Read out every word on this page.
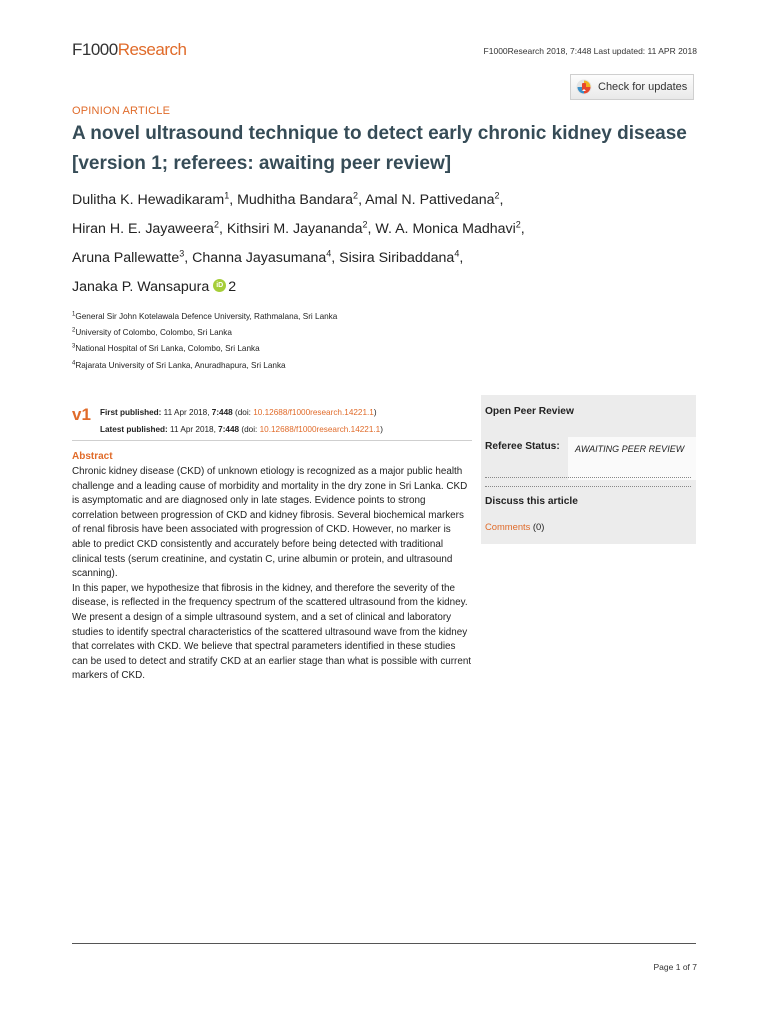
F1000Research	F1000Research 2018, 7:448 Last updated: 11 APR 2018
Check for updates
OPINION ARTICLE
A novel ultrasound technique to detect early chronic kidney disease [version 1; referees: awaiting peer review]
Dulitha K. Hewadikaram$^1$, Mudhitha Bandara$^2$, Amal N. Pattivedana$^2$,
Hiran H. E. Jayaweera$^2$, Kithsiri M. Jayananda$^2$, W. A. Monica Madhavi$^2$,
Aruna Pallewatte$^3$, Channa Jayasumana$^4$, Sisira Siribaddana$^4$,
Janaka P. Wansapura iD 2
$^1$General Sir John Kotelawala Defence University, Rathmalana, Sri Lanka
$^2$University of Colombo, Colombo, Sri Lanka
$^3$National Hospital of Sri Lanka, Colombo, Sri Lanka
$^4$Rajarata University of Sri Lanka, Anuradhapura, Sri Lanka
v1 First published: 11 Apr 2018, 7:448 (doi: 10.12688/f1000research.14221.1)
Latest published: 11 Apr 2018, 7:448 (doi: 10.12688/f1000research.14221.1)
Abstract

Chronic kidney disease (CKD) of unknown etiology is recognized as a major public health challenge and a leading cause of morbidity and mortality in the dry zone in Sri Lanka. CKD is asymptomatic and are diagnosed only in late stages. Evidence points to strong correlation between progression of CKD and kidney fibrosis. Several biochemical markers of renal fibrosis have been associated with progression of CKD. However, no marker is able to predict CKD consistently and accurately before being detected with traditional clinical tests (serum creatinine, and cystatin C, urine albumin or protein, and ultrasound scanning).

In this paper, we hypothesize that fibrosis in the kidney, and therefore the severity of the disease, is reflected in the frequency spectrum of the scattered ultrasound from the kidney. We present a design of a simple ultrasound system, and a set of clinical and laboratory studies to identify spectral characteristics of the scattered ultrasound wave from the kidney that correlates with CKD. We believe that spectral parameters identified in these studies can be used to detect and stratify CKD at an earlier stage than what is possible with current markers of CKD.

Open Peer Review
Referee Status:	AWAITING PEER REVIEW
Discuss this article
Comments (0)
Page 1 of 7
